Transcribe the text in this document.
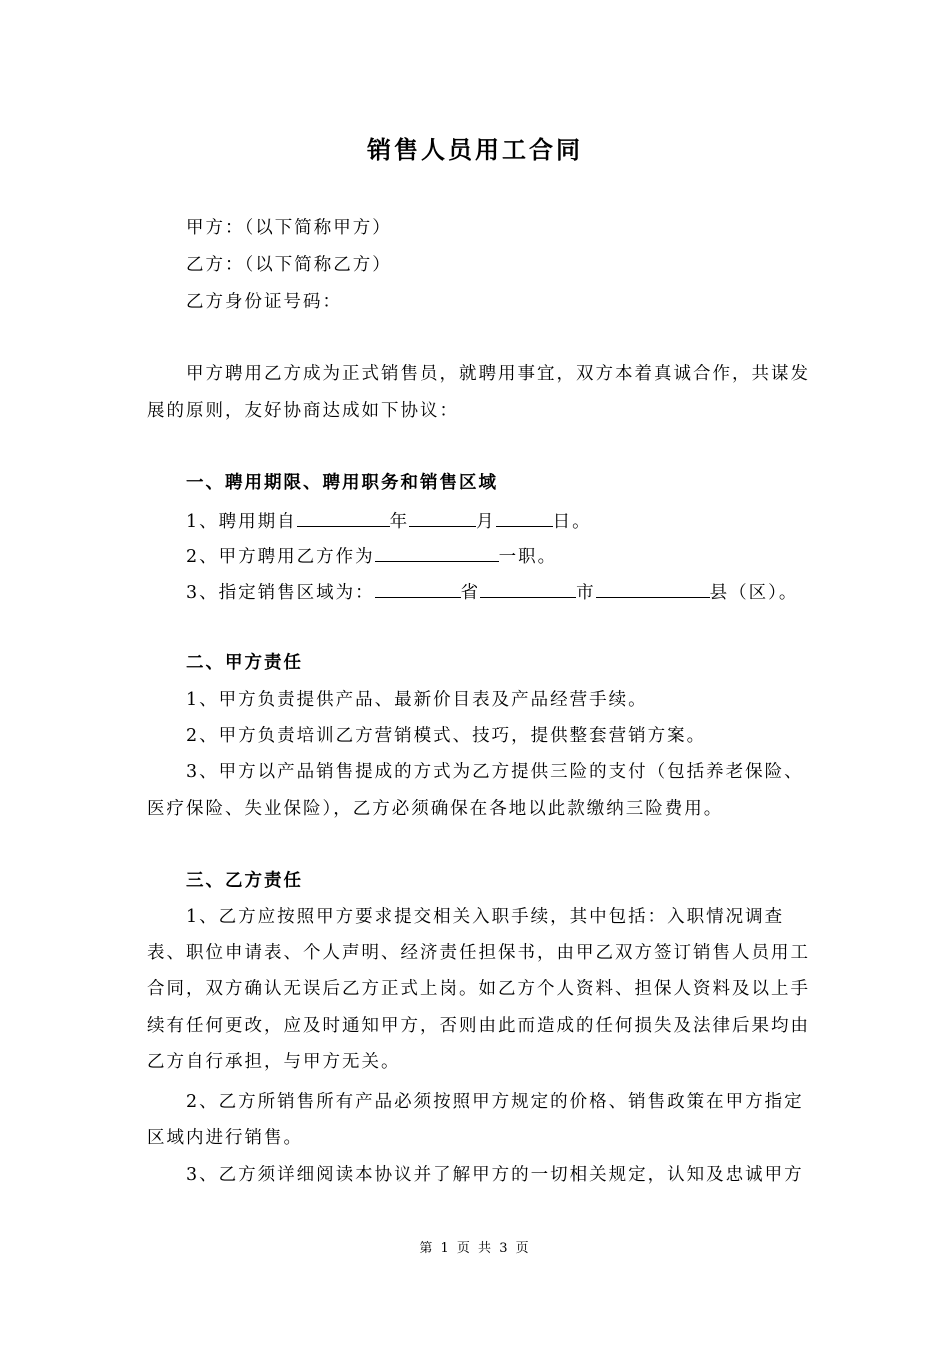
销售人员用工合同
甲方：（以下简称甲方）
乙方：（以下简称乙方）
乙方身份证号码：
甲方聘用乙方成为正式销售员，就聘用事宜，双方本着真诚合作，共谋发
展的原则，友好协商达成如下协议：
一、聘用期限、聘用职务和销售区域
1、聘用期自	年	月	日。
2、甲方聘用乙方作为	一职。
3、指定销售区域为：	省	市	县（区）。
二、甲方责任
1、甲方负责提供产品、最新价目表及产品经营手续。
2、甲方负责培训乙方营销模式、技巧，提供整套营销方案。
3、甲方以产品销售提成的方式为乙方提供三险的支付（包括养老保险、
医疗保险、失业保险），乙方必须确保在各地以此款缴纳三险费用。
三、乙方责任
1、乙方应按照甲方要求提交相关入职手续，其中包括：入职情况调查
表、职位申请表、个人声明、经济责任担保书，由甲乙双方签订销售人员用工
合同，双方确认无误后乙方正式上岗。如乙方个人资料、担保人资料及以上手
续有任何更改，应及时通知甲方，否则由此而造成的任何损失及法律后果均由
乙方自行承担，与甲方无关。
2、乙方所销售所有产品必须按照甲方规定的价格、销售政策在甲方指定
区域内进行销售。
3、乙方须详细阅读本协议并了解甲方的一切相关规定，认知及忠诚甲方
第 1 页 共 3 页
